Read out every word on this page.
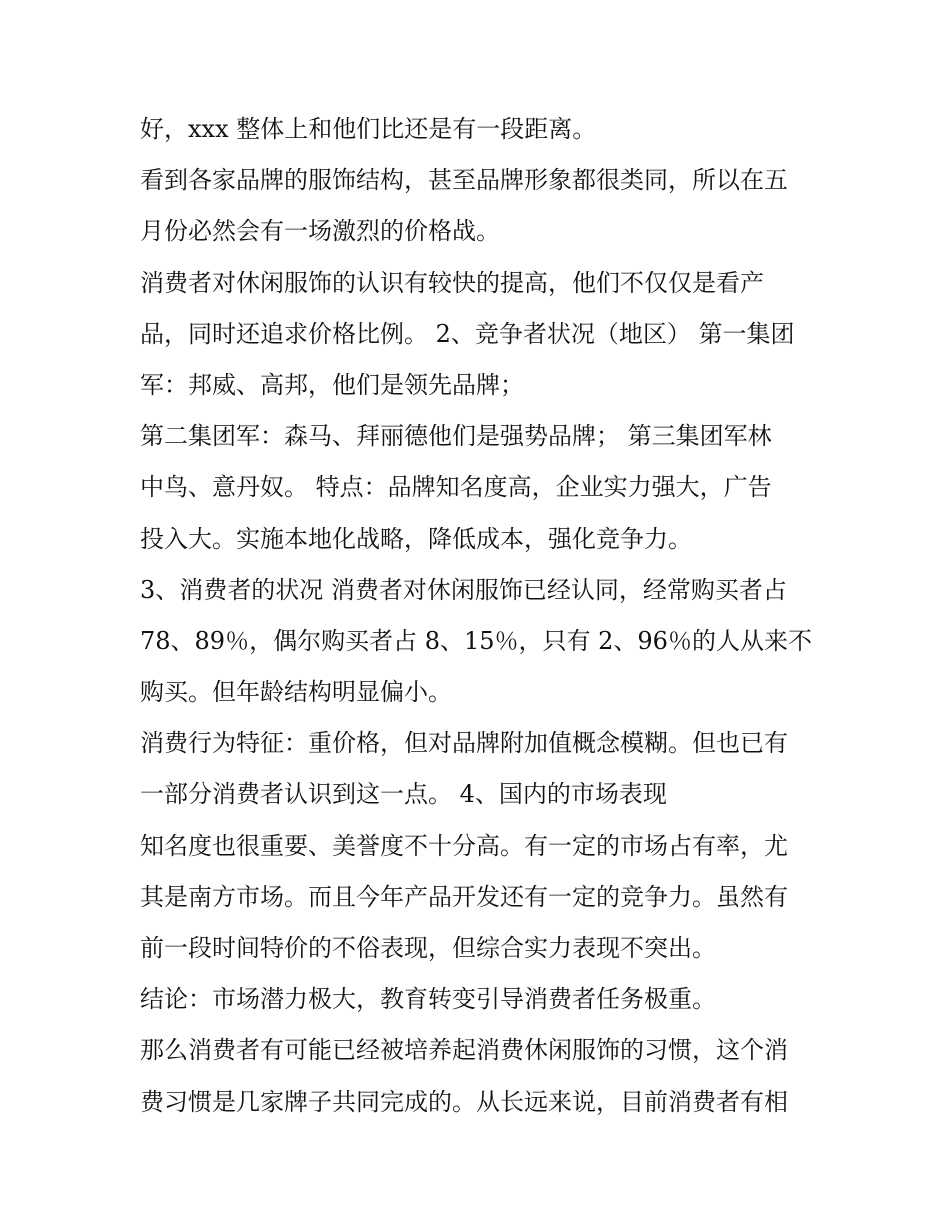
好，xxx 整体上和他们比还是有一段距离。
看到各家品牌的服饰结构，甚至品牌形象都很类同，所以在五
月份必然会有一场激烈的价格战。
消费者对休闲服饰的认识有较快的提高，他们不仅仅是看产
品，同时还追求价格比例。 2、竞争者状况（地区） 第一集团
军：邦威、高邦，他们是领先品牌；
第二集团军：森马、拜丽德他们是强势品牌； 第三集团军林
中鸟、意丹奴。 特点：品牌知名度高，企业实力强大，广告
投入大。实施本地化战略，降低成本，强化竞争力。
3、消费者的状况 消费者对休闲服饰已经认同，经常购买者占
78、89％，偶尔购买者占 8、15％，只有 2、96％的人从来不
购买。但年龄结构明显偏小。
消费行为特征：重价格，但对品牌附加值概念模糊。但也已有
一部分消费者认识到这一点。 4、国内的市场表现
知名度也很重要、美誉度不十分高。有一定的市场占有率，尤
其是南方市场。而且今年产品开发还有一定的竞争力。虽然有
前一段时间特价的不俗表现，但综合实力表现不突出。
结论：市场潜力极大，教育转变引导消费者任务极重。
那么消费者有可能已经被培养起消费休闲服饰的习惯，这个消
费习惯是几家牌子共同完成的。从长远来说，目前消费者有相
